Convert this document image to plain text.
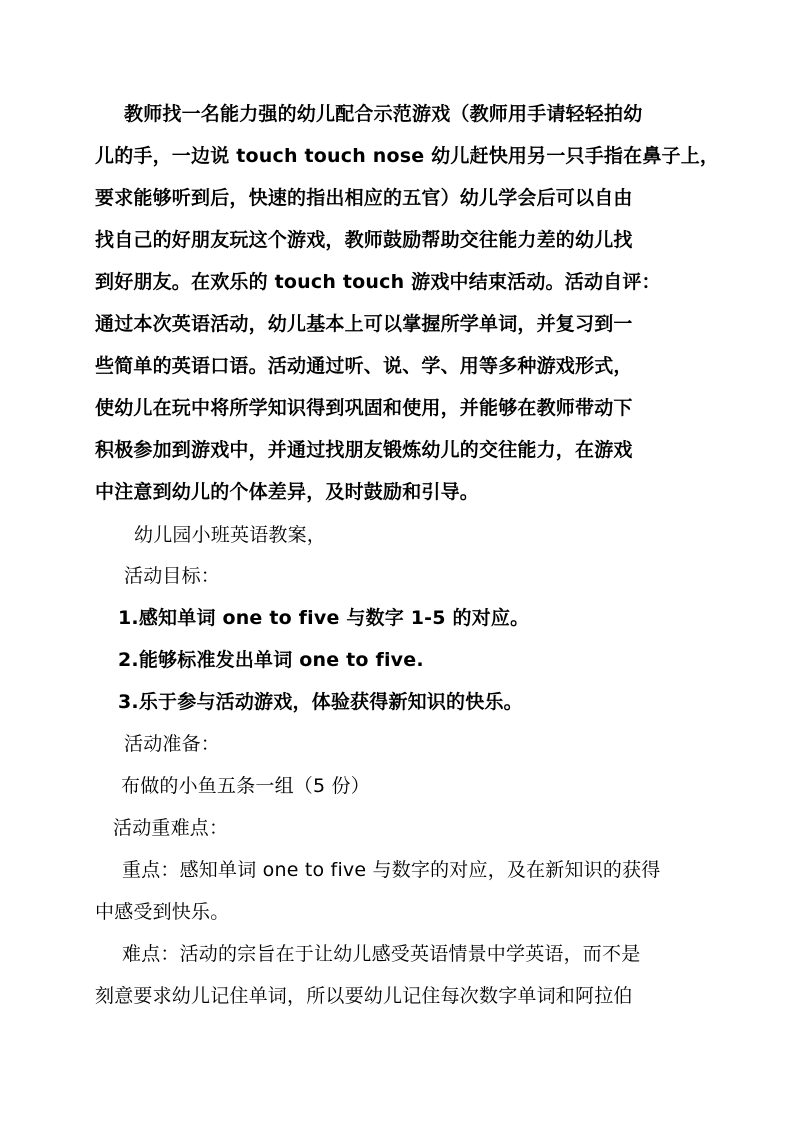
教师找一名能力强的幼儿配合示范游戏（教师用手请轻轻拍幼
儿的手，一边说 touch touch nose 幼儿赶快用另一只手指在鼻子上，
要求能够听到后，快速的指出相应的五官）幼儿学会后可以自由
找自己的好朋友玩这个游戏，教师鼓励帮助交往能力差的幼儿找
到好朋友。在欢乐的 touch touch 游戏中结束活动。活动自评：
通过本次英语活动，幼儿基本上可以掌握所学单词，并复习到一
些简单的英语口语。活动通过听、说、学、用等多种游戏形式，
使幼儿在玩中将所学知识得到巩固和使用，并能够在教师带动下
积极参加到游戏中，并通过找朋友锻炼幼儿的交往能力，在游戏
中注意到幼儿的个体差异，及时鼓励和引导。
幼儿园小班英语教案，
活动目标：
1.感知单词 one to five 与数字 1-5 的对应。
2.能够标准发出单词 one to five.
3.乐于参与活动游戏，体验获得新知识的快乐。
活动准备：
布做的小鱼五条一组（5 份）
活动重难点：
重点：感知单词 one to five 与数字的对应，及在新知识的获得
中感受到快乐。
难点：活动的宗旨在于让幼儿感受英语情景中学英语，而不是
刻意要求幼儿记住单词，所以要幼儿记住每次数字单词和阿拉伯
